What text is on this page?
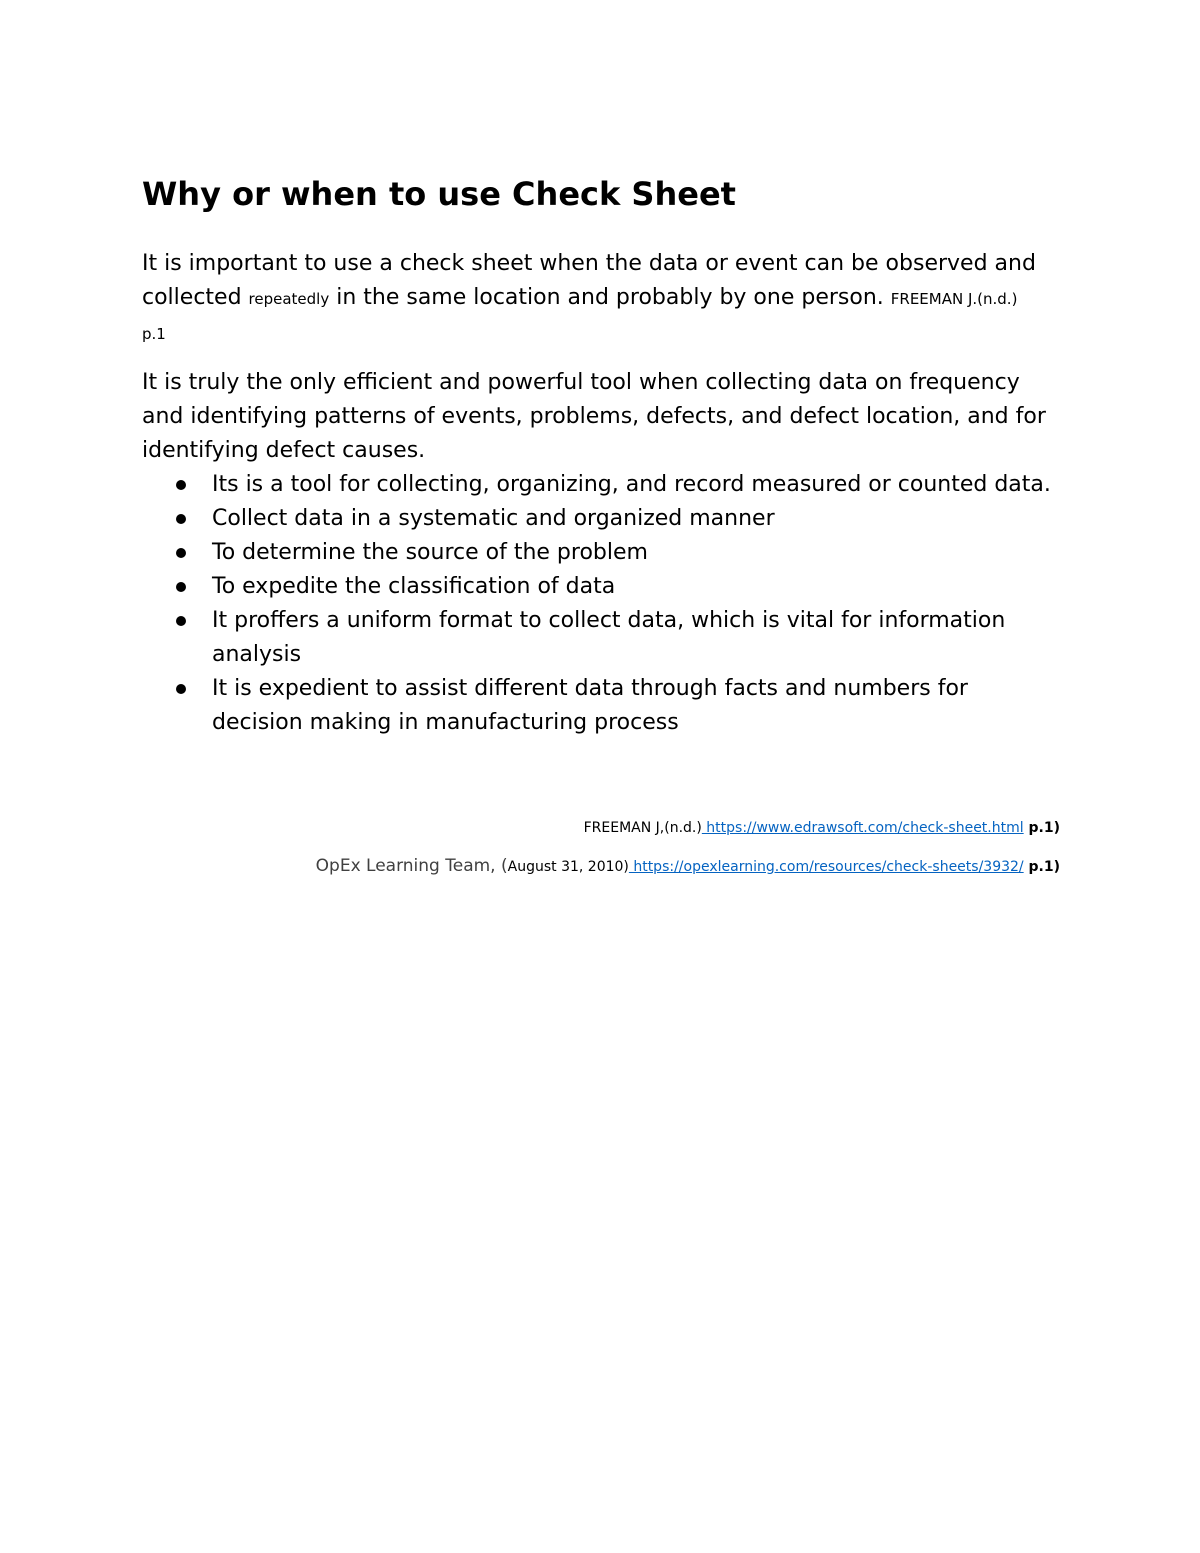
Why or when to use Check Sheet

It is important to use a check sheet when the data or event can be observed and collected repeatedly in the same location and probably by one person. FREEMAN J.(n.d.)
p.1

It is truly the only efficient and powerful tool when collecting data on frequency and identifying patterns of events, problems, defects, and defect location, and for identifying defect causes.

Its is a tool for collecting, organizing, and record measured or counted data.
Collect data in a systematic and organized manner
To determine the source of the problem
To expedite the classification of data
It proffers a uniform format to collect data, which is vital for information analysis
It is expedient to assist different data through facts and numbers for decision making in manufacturing process

FREEMAN J,(n.d.) https://www.edrawsoft.com/check-sheet.html p.1)

OpEx Learning Team, (August 31, 2010) https://opexlearning.com/resources/check-sheets/3932/ p.1)
